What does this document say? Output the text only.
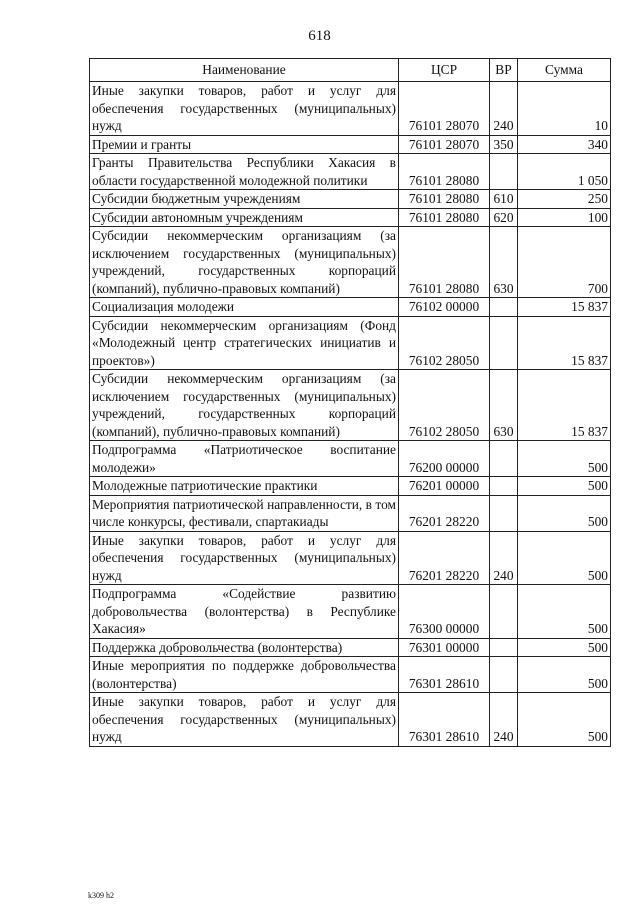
618
Наименование	ЦСР	ВР	Сумма
Иные закупки товаров, работ и услуг для обеспечения государственных (муниципальных) нужд	76101 28070	240	10
Премии и гранты	76101 28070	350	340
Гранты Правительства Республики Хакасия в области государственной молодежной политики	76101 28080		1 050
Субсидии бюджетным учреждениям	76101 28080	610	250
Субсидии автономным учреждениям	76101 28080	620	100
Субсидии некоммерческим организациям (за исключением государственных (муниципальных) учреждений, государственных корпораций (компаний), публично-правовых компаний)	76101 28080	630	700
Социализация молодежи	76102 00000		15 837
Субсидии некоммерческим организациям (Фонд «Молодежный центр стратегических инициатив и проектов»)	76102 28050		15 837
Субсидии некоммерческим организациям (за исключением государственных (муниципальных) учреждений, государственных корпораций (компаний), публично-правовых компаний)	76102 28050	630	15 837
Подпрограмма «Патриотическое воспитание молодежи»	76200 00000		500
Молодежные патриотические практики	76201 00000		500
Мероприятия патриотической направленности, в том числе конкурсы, фестивали, спартакиады	76201 28220		500
Иные закупки товаров, работ и услуг для обеспечения государственных (муниципальных) нужд	76201 28220	240	500
Подпрограмма «Содействие развитию добровольчества (волонтерства) в Республике Хакасия»	76300 00000		500
Поддержка добровольчества (волонтерства)	76301 00000		500
Иные мероприятия по поддержке добровольчества (волонтерства)	76301 28610		500
Иные закупки товаров, работ и услуг для обеспечения государственных (муниципальных) нужд	76301 28610	240	500
k309 h2
